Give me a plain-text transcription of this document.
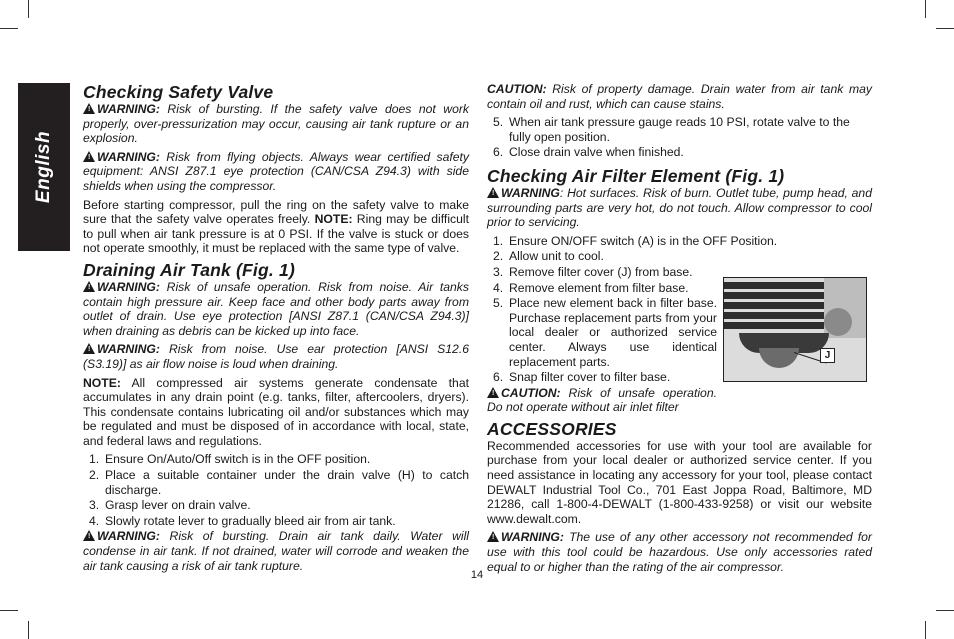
English
Checking Safety Valve

! WARNING: Risk of bursting. If the safety valve does not work properly, over-pressurization may occur, causing air tank rupture or an explosion.

! WARNING: Risk from flying objects. Always wear certified safety equipment: ANSI Z87.1 eye protection (CAN/CSA Z94.3) with side shields when using the compressor.

Before starting compressor, pull the ring on the safety valve to make sure that the safety valve operates freely. NOTE: Ring may be difficult to pull when air tank pressure is at 0 PSI. If the valve is stuck or does not operate smoothly, it must be replaced with the same type of valve.

Draining Air Tank (Fig. 1)

! WARNING: Risk of unsafe operation. Risk from noise. Air tanks contain high pressure air. Keep face and other body parts away from outlet of drain. Use eye protection [ANSI Z87.1 (CAN/CSA Z94.3)] when draining as debris can be kicked up into face.

! WARNING: Risk from noise. Use ear protection [ANSI S12.6 (S3.19)] as air flow noise is loud when draining.

NOTE: All compressed air systems generate condensate that accumulates in any drain point (e.g. tanks, filter, aftercoolers, dryers). This condensate contains lubricating oil and/or substances which may be regulated and must be disposed of in accordance with local, state, and federal laws and regulations.

1. Ensure On/Auto/Off switch is in the OFF position.
2. Place a suitable container under the drain valve (H) to catch discharge.
3. Grasp lever on drain valve.
4. Slowly rotate lever to gradually bleed air from air tank.

! WARNING: Risk of bursting. Drain air tank daily. Water will condense in air tank. If not drained, water will corrode and weaken the air tank causing a risk of air tank rupture.

CAUTION: Risk of property damage. Drain water from air tank may contain oil and rust, which can cause stains.

5. When air tank pressure gauge reads 10 PSI, rotate valve to the fully open position.
6. Close drain valve when finished.
Checking Air Filter Element (Fig. 1)

! WARNING: Hot surfaces. Risk of burn. Outlet tube, pump head, and surrounding parts are very hot, do not touch. Allow compressor to cool prior to servicing.

1. Ensure ON/OFF switch (A) is in the OFF Position.
2. Allow unit to cool.
3. Remove filter cover (J) from base.
4. Remove element from filter base.
5. Place new element back in filter base. Purchase replacement parts from your local dealer or authorized service center. Always use identical replacement parts.
6. Snap filter cover to filter base.

! CAUTION: Risk of unsafe operation. Do not operate without air inlet filter

ACCESSORIES

Recommended accessories for use with your tool are available for purchase from your local dealer or authorized service center. If you need assistance in locating any accessory for your tool, please contact DEWALT Industrial Tool Co., 701 East Joppa Road, Baltimore, MD 21286, call 1-800-4-DEWALT (1-800-433-9258) or visit our website www.dewalt.com.

! WARNING: The use of any other accessory not recommended for use with this tool could be hazardous. Use only accessories rated equal to or higher than the rating of the air compressor.

J
14
